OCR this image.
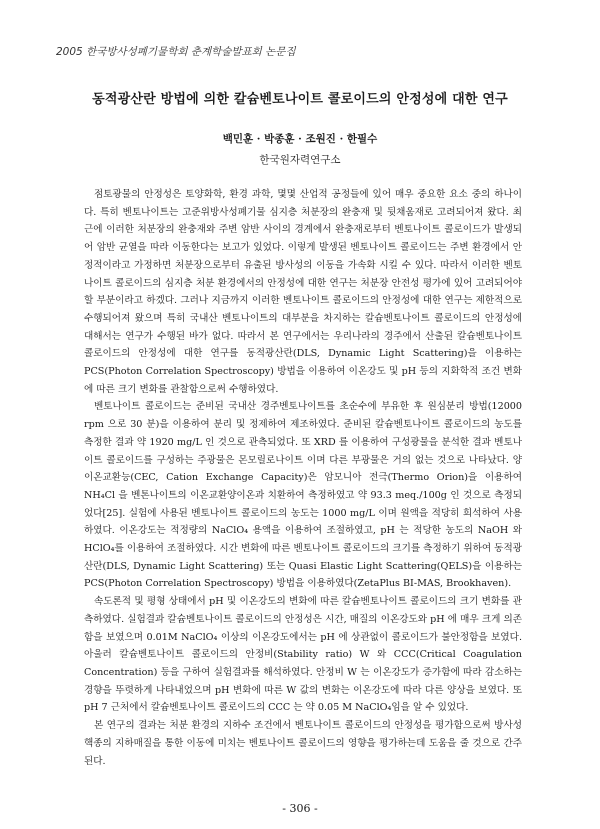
2005 한국방사성폐기물학회 춘계학술발표회 논문집
동적광산란 방법에 의한 칼슘벤토나이트 콜로이드의 안정성에 대한 연구
백민훈 · 박종훈 · 조원진 · 한필수
한국원자력연구소

점토광물의 안정성은 토양화학, 환경 과학, 몇몇 산업적 공정들에 있어 매우 중요한 요소 중의 하나이다. 특히 벤토나이트는 고준위방사성폐기물 심지층 처분장의 완충재 및 뒷채움재로 고려되어져 왔다. 최근에 이러한 처분장의 완충재와 주변 암반 사이의 경계에서 완충재로부터 벤토나이트 콜로이드가 발생되어 암반 균열을 따라 이동한다는 보고가 있었다. 이렇게 발생된 벤토나이트 콜로이드는 주변 환경에서 안정적이라고 가정하면 처분장으로부터 유출된 방사성의 이동을 가속화 시킬 수 있다. 따라서 이러한 벤토나이트 콜로이드의 심지층 처분 환경에서의 안정성에 대한 연구는 처분장 안전성 평가에 있어 고려되어야 할 부분이라고 하겠다. 그러나 지금까지 이러한 벤토나이트 콜로이드의 안정성에 대한 연구는 제한적으로 수행되어져 왔으며 특히 국내산 벤토나이트의 대부분을 차지하는 칼슘벤토나이트 콜로이드의 안정성에 대해서는 연구가 수행된 바가 없다. 따라서 본 연구에서는 우리나라의 경주에서 산출된 칼슘벤토나이트 콜로이드의 안정성에 대한 연구를 동적광산란(DLS, Dynamic Light Scattering)을 이용하는 PCS(Photon Correlation Spectroscopy) 방법을 이용하여 이온강도 및 pH 등의 지화학적 조건 변화에 따른 크기 변화를 관찰함으로써 수행하였다.

벤토나이트 콜로이드는 준비된 국내산 경주벤토나이트를 초순수에 부유한 후 원심분리 방법(12000 rpm 으로 30 분)을 이용하여 분리 및 정제하여 제조하였다. 준비된 칼슘벤토나이트 콜로이드의 농도를 측정한 결과 약 1920 mg/L 인 것으로 관측되었다. 또 XRD 를 이용하여 구성광물을 분석한 결과 벤토나이트 콜로이드를 구성하는 주광물은 몬모릴로나이트 이며 다른 부광물은 거의 없는 것으로 나타났다. 양이온교환능(CEC, Cation Exchange Capacity)은 암모니아 전극(Thermo Orion)을 이용하여 NH₄Cl 을 벤톤나이트의 이온교환양이온과 치환하여 측정하였고 약 93.3 meq./100g 인 것으로 측정되었다[25]. 실험에 사용된 벤토나이트 콜로이드의 농도는 1000 mg/L 이며 원액을 적당히 희석하여 사용하였다. 이온강도는 적정량의 NaClO₄ 용액을 이용하여 조절하였고, pH 는 적당한 농도의 NaOH 와 HClO₄를 이용하여 조절하였다. 시간 변화에 따른 벤토나이트 콜로이드의 크기를 측정하기 위하여 동적광산란(DLS, Dynamic Light Scattering) 또는 Quasi Elastic Light Scattering(QELS)을 이용하는 PCS(Photon Correlation Spectroscopy) 방법을 이용하였다(ZetaPlus BI-MAS, Brookhaven).

속도론적 및 평형 상태에서 pH 및 이온강도의 변화에 따른 칼슘벤토나이트 콜로이드의 크기 변화를 관측하였다. 실험결과 칼슘벤토나이트 콜로이드의 안정성은 시간, 매질의 이온강도와 pH 에 매우 크게 의존함을 보였으며 0.01M NaClO₄ 이상의 이온강도에서는 pH 에 상관없이 콜로이드가 불안정함을 보였다. 아울러 칼슘벤토나이트 콜로이드의 안정비(Stability ratio) W 와 CCC(Critical Coagulation Concentration) 등을 구하여 실험결과를 해석하였다. 안정비 W 는 이온강도가 증가함에 따라 감소하는 경향을 뚜렷하게 나타내었으며 pH 변화에 따른 W 값의 변화는 이온강도에 따라 다른 양상을 보였다. 또 pH 7 근처에서 칼슘벤토나이트 콜로이드의 CCC 는 약 0.05 M NaClO₄임을 알 수 있었다.

본 연구의 결과는 처분 환경의 지하수 조건에서 벤토나이트 콜로이드의 안정성을 평가함으로써 방사성 핵종의 지하매질을 통한 이동에 미치는 벤토나이트 콜로이드의 영향을 평가하는데 도움을 줄 것으로 간주된다.

- 306 -
